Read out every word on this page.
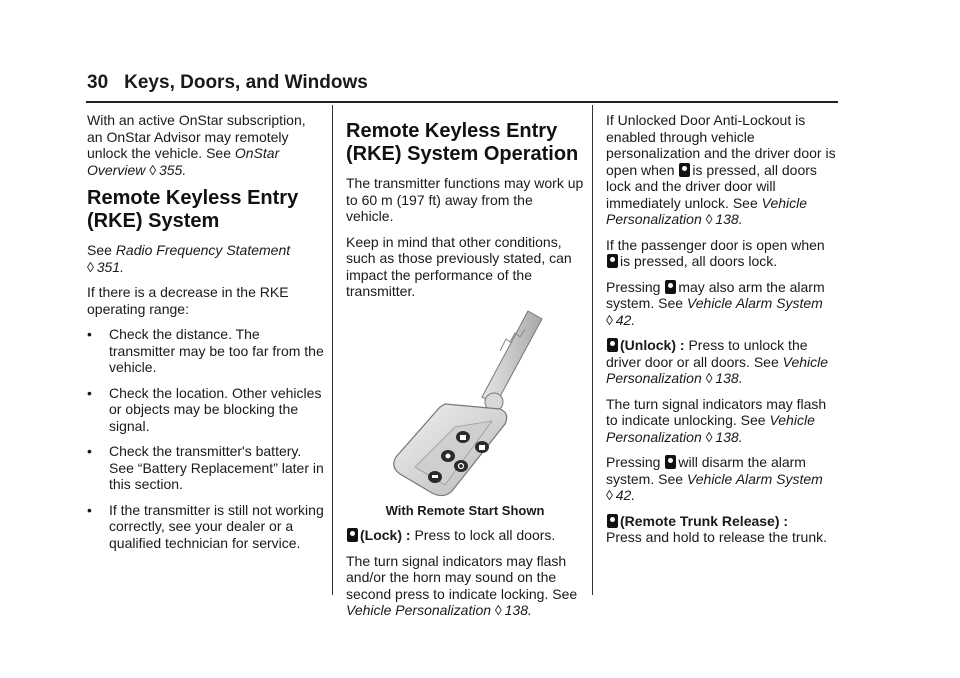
30 Keys, Doors, and Windows

With an active OnStar subscription, an OnStar Advisor may remotely unlock the vehicle. See OnStar Overview ◊ 355.

Remote Keyless Entry (RKE) System

See Radio Frequency Statement
◊ 351.

If there is a decrease in the RKE operating range:

•	Check the distance. The transmitter may be too far from the vehicle.
•	Check the location. Other vehicles or objects may be blocking the signal.
•	Check the transmitter's battery. See “Battery Replacement” later in this section.
•	If the transmitter is still not working correctly, see your dealer or a qualified technician for service.
Remote Keyless Entry (RKE) System Operation

The transmitter functions may work up to 60 m (197 ft) away from the vehicle.

Keep in mind that other conditions, such as those previously stated, can impact the performance of the transmitter.

With Remote Start Shown

(Lock) : Press to lock all doors.

The turn signal indicators may flash and/or the horn may sound on the second press to indicate locking. See Vehicle Personalization ◊ 138.

If Unlocked Door Anti-Lockout is enabled through vehicle personalization and the driver door is open when is pressed, all doors lock and the driver door will immediately unlock. See Vehicle Personalization ◊ 138.

If the passenger door is open when is pressed, all doors lock.

Pressing may also arm the alarm system. See Vehicle Alarm System
◊ 42.

(Unlock) : Press to unlock the driver door or all doors. See Vehicle Personalization ◊ 138.

The turn signal indicators may flash to indicate unlocking. See Vehicle Personalization ◊ 138.

Pressing will disarm the alarm system. See Vehicle Alarm System
◊ 42.

(Remote Trunk Release) :
Press and hold to release the trunk.
